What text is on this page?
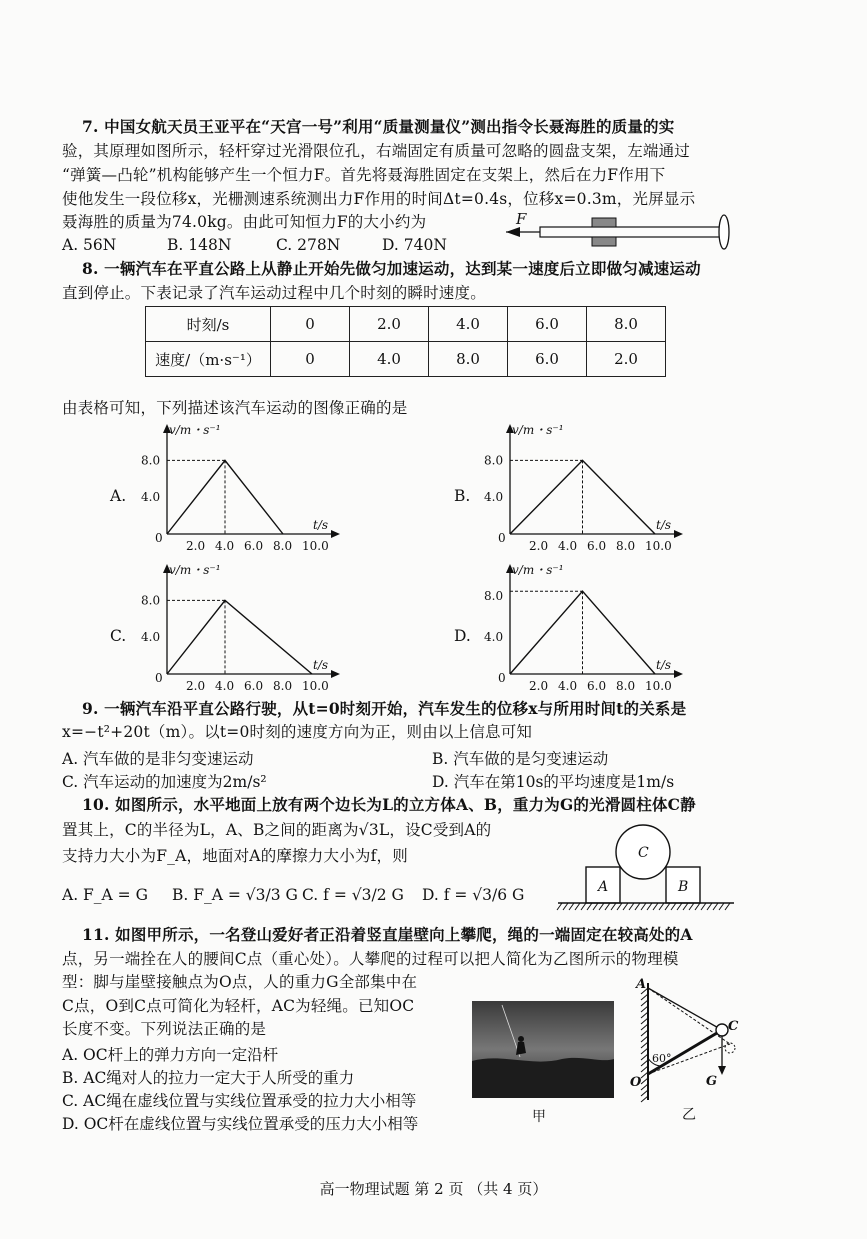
7. 中国女航天员王亚平在“天宫一号”利用“质量测量仪”测出指令长聂海胜的质量的实
验，其原理如图所示，轻杆穿过光滑限位孔，右端固定有质量可忽略的圆盘支架，左端通过
“弹簧—凸轮”机构能够产生一个恒力F。首先将聂海胜固定在支架上，然后在力F作用下
使他发生一段位移x，光栅测速系统测出力F作用的时间Δt=0.4s，位移x=0.3m，光屏显示
聂海胜的质量为74.0kg。由此可知恒力F的大小约为
A. 56N	B. 148N	C. 278N	D. 740N
F
8. 一辆汽车在平直公路上从静止开始先做匀加速运动，达到某一速度后立即做匀减速运动
直到停止。下表记录了汽车运动过程中几个时刻的瞬时速度。
时刻/s	0	2.0	4.0	6.0	8.0
速度/（m·s⁻¹）	0	4.0	8.0	6.0	2.0
由表格可知，下列描述该汽车运动的图像正确的是
A.	B.
C.	D.
v/m・s⁻¹
t/s
0
8.0
4.0
2.0 4.0 6.0 8.0 10.0
v/m・s⁻¹
t/s
0
8.0
4.0
2.0 4.0 6.0 8.0 10.0
v/m・s⁻¹
t/s
0
8.0
4.0
2.0 4.0 6.0 8.0 10.0
v/m・s⁻¹
t/s
0
8.0
4.0
2.0 4.0 6.0 8.0 10.0
9. 一辆汽车沿平直公路行驶，从t=0时刻开始，汽车发生的位移x与所用时间t的关系是
x=−t²+20t（m）。以t=0时刻的速度方向为正，则由以上信息可知
A. 汽车做的是非匀变速运动	B. 汽车做的是匀变速运动
C. 汽车运动的加速度为2m/s²	D. 汽车在第10s的平均速度是1m/s
10. 如图所示，水平地面上放有两个边长为L的立方体A、B，重力为G的光滑圆柱体C静
置其上，C的半径为L，A、B之间的距离为√3L，设C受到A的
支持力大小为F_A，地面对A的摩擦力大小为f，则
A. F_A = G B. F_A = √3/3 G C. f = √3/2 G D. f = √3/6 G	A	B
C
11. 如图甲所示，一名登山爱好者正沿着竖直崖壁向上攀爬，绳的一端固定在较高处的A
点，另一端拴在人的腰间C点（重心处）。人攀爬的过程可以把人简化为乙图所示的物理模
型：脚与崖壁接触点为O点，人的重力G全部集中在
C点，O到C点可简化为轻杆，AC为轻绳。已知OC
长度不变。下列说法正确的是
A. OC杆上的弹力方向一定沿杆
B. AC绳对人的拉力一定大于人所受的重力
C. AC绳在虚线位置与实线位置承受的拉力大小相等
D. OC杆在虚线位置与实线位置承受的压力大小相等	甲
A
C
O	G
60°
乙
高一物理试题 第 2 页 （共 4 页）
